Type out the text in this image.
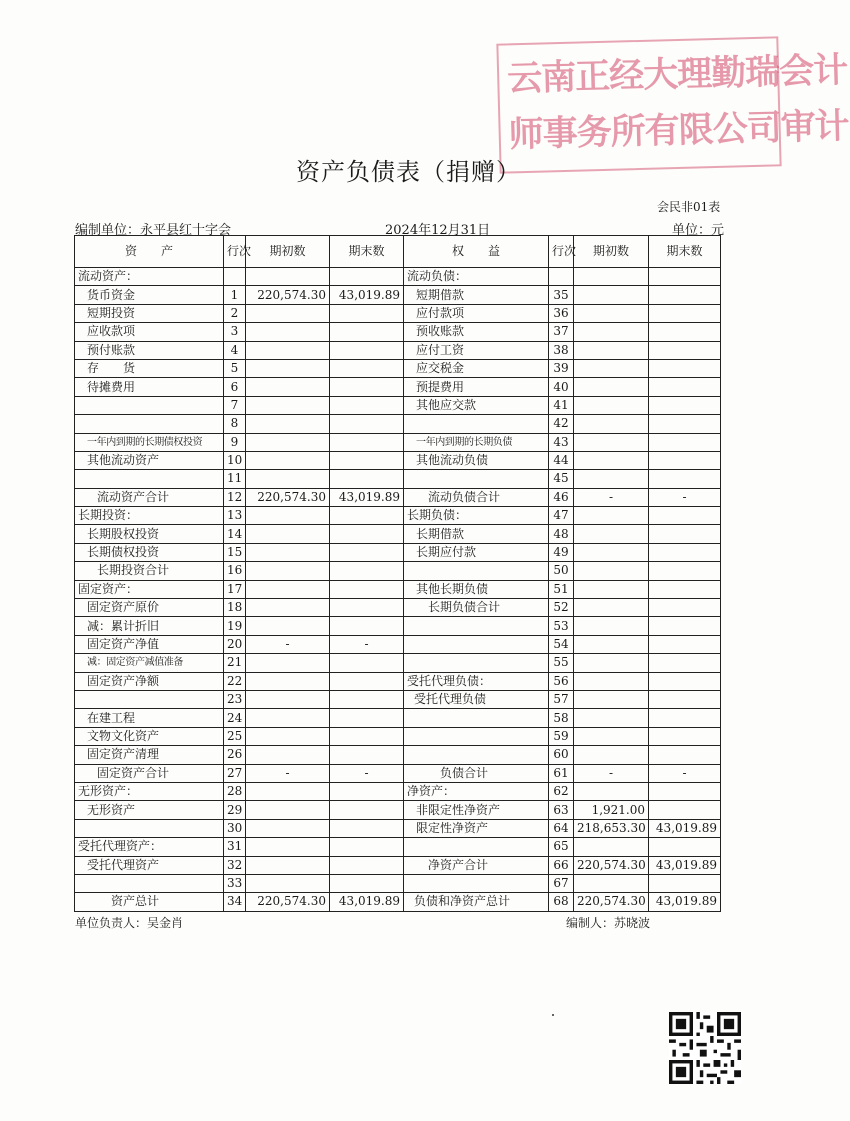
云南正经大理勤瑞会计
师事务所有限公司审计
资产负债表（捐赠）
会民非01表
编制单位：永平县红十字会	2024年12月31日	单位：元
资　　产	行次	期初数	期末数	权　　益	行次	期初数	期末数
流动资产：				流动负债：			
货币资金	1	220,574.30	43,019.89	短期借款	35		
短期投资	2			应付款项	36		
应收款项	3			预收账款	37		
预付账款	4			应付工资	38		
存　　货	5			应交税金	39		
待摊费用	6			预提费用	40		
	7			其他应交款	41		
	8				42		
一年内到期的长期债权投资	9			一年内到期的长期负债	43		
其他流动资产	10			其他流动负债	44		
	11				45		
流动资产合计	12	220,574.30	43,019.89	流动负债合计	46	-	-
长期投资：	13			长期负债：	47		
长期股权投资	14			长期借款	48		
长期债权投资	15			长期应付款	49		
长期投资合计	16				50		
固定资产：	17			其他长期负债	51		
固定资产原价	18			长期负债合计	52		
减：累计折旧	19				53		
固定资产净值	20	-	-		54		
减：固定资产减值准备	21				55		
固定资产净额	22			受托代理负债：	56		
	23			受托代理负债	57		
在建工程	24				58		
文物文化资产	25				59		
固定资产清理	26				60		
固定资产合计	27	-	-	负债合计	61	-	-
无形资产：	28			净资产：	62		
无形资产	29			非限定性净资产	63	1,921.00	
	30			限定性净资产	64	218,653.30	43,019.89
受托代理资产：	31				65		
受托代理资产	32			净资产合计	66	220,574.30	43,019.89
	33				67		
资产总计	34	220,574.30	43,019.89	负债和净资产总计	68	220,574.30	43,019.89
单位负责人：吴金肖	编制人：苏晓波
